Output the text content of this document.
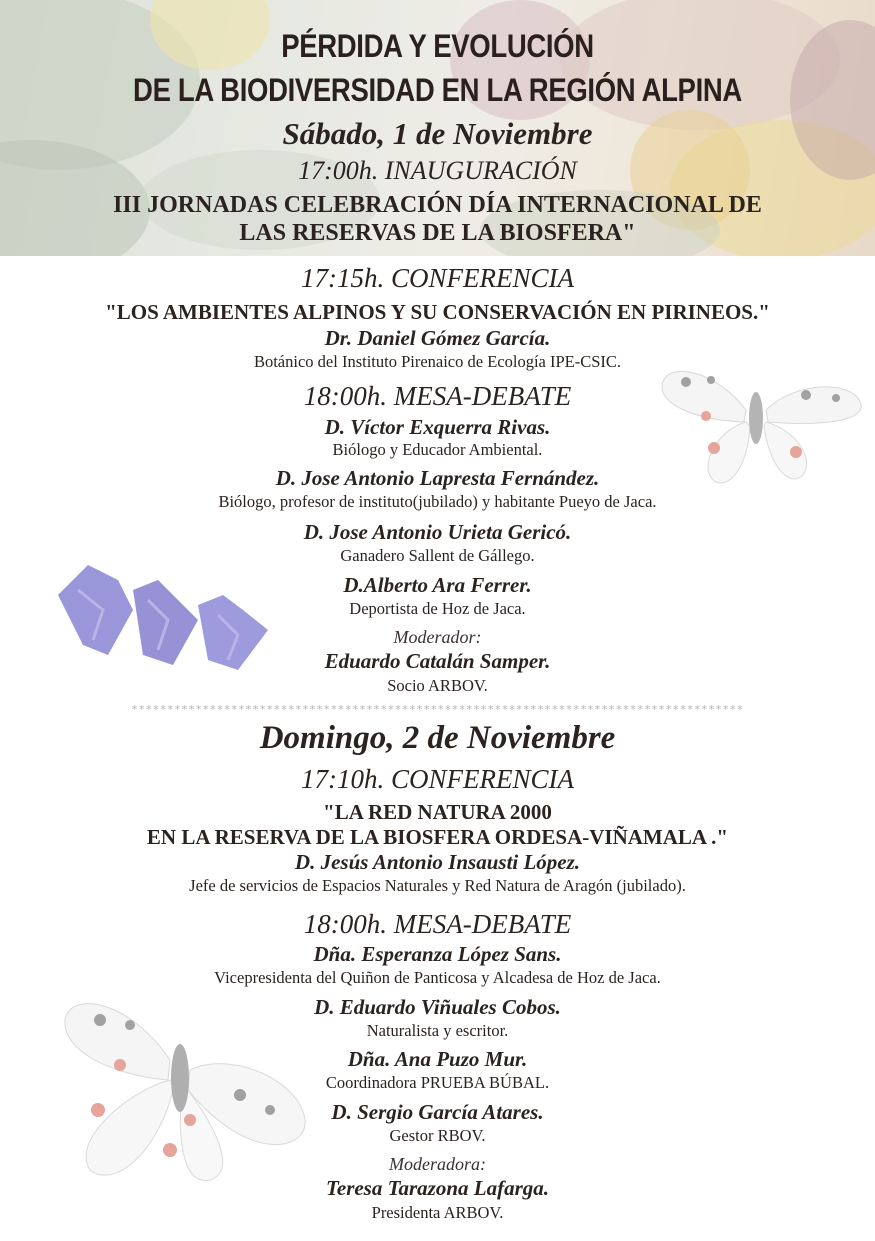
PÉRDIDA Y EVOLUCIÓN
DE LA BIODIVERSIDAD EN LA REGIÓN ALPINA
Sábado, 1 de Noviembre
17:00h. INAUGURACIÓN
III JORNADAS CELEBRACIÓN DÍA INTERNACIONAL DE
LAS RESERVAS DE LA BIOSFERA"
17:15h. CONFERENCIA
"LOS AMBIENTES ALPINOS Y SU CONSERVACIÓN EN PIRINEOS."
Dr. Daniel Gómez García.
Botánico del Instituto Pirenaico de Ecología IPE-CSIC.
18:00h. MESA-DEBATE
D. Víctor Exquerra Rivas.
Biólogo y Educador Ambiental.
D. Jose Antonio Lapresta Fernández.
Biólogo, profesor de instituto(jubilado) y habitante Pueyo de Jaca.
D. Jose Antonio Urieta Gericó.
Ganadero Sallent de Gállego.
D.Alberto Ara Ferrer.
Deportista de Hoz de Jaca.
Moderador:
Eduardo Catalán Samper.
Socio ARBOV.
**************************************************************************************
Domingo, 2 de Noviembre
17:10h. CONFERENCIA
"LA RED NATURA 2000
EN LA RESERVA DE LA BIOSFERA ORDESA-VIÑAMALA ."
D. Jesús Antonio Insausti López.
Jefe de servicios de Espacios Naturales y Red Natura de Aragón (jubilado).
18:00h. MESA-DEBATE
Dña. Esperanza López Sans.
Vicepresidenta del Quiñon de Panticosa y Alcadesa de Hoz de Jaca.
D. Eduardo Viñuales Cobos.
Naturalista y escritor.
Dña. Ana Puzo Mur.
Coordinadora PRUEBA BÚBAL.
D. Sergio García Atares.
Gestor RBOV.
Moderadora:
Teresa Tarazona Lafarga.
Presidenta ARBOV.
